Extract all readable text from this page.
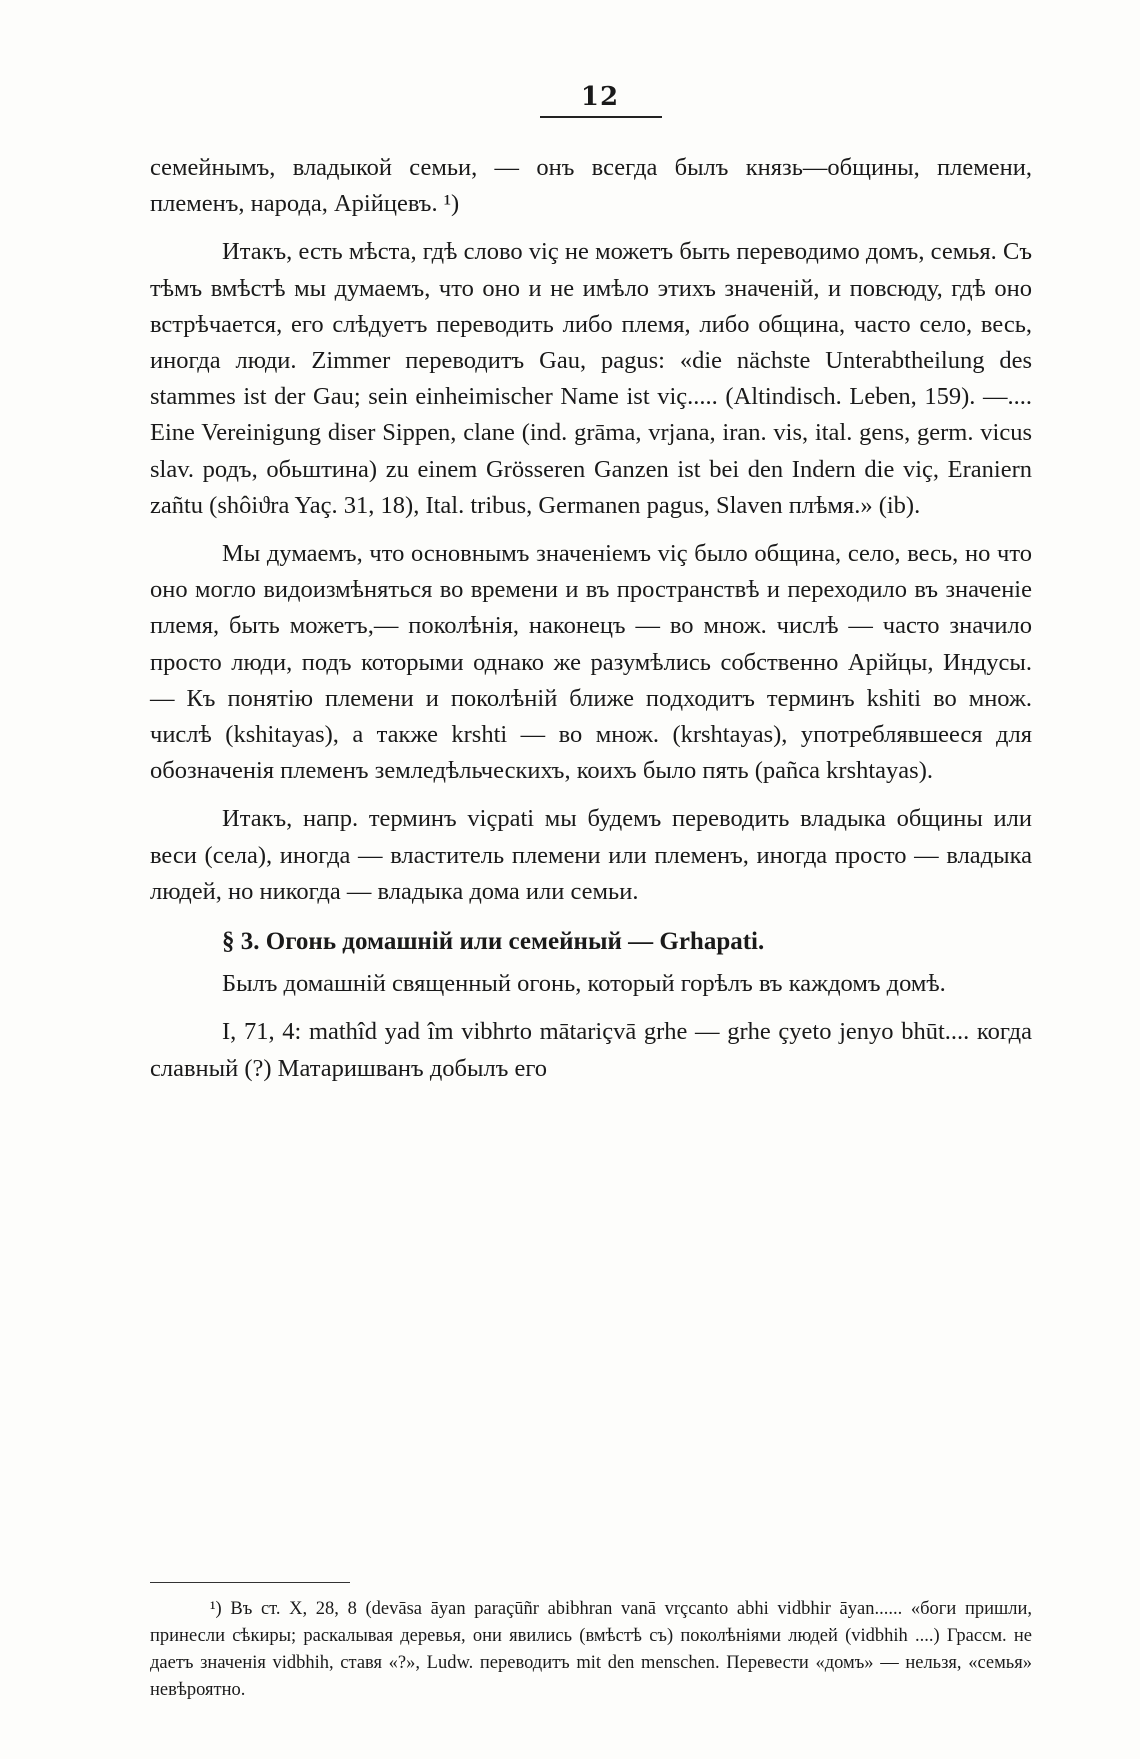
12

семейнымъ, владыкой семьи, — онъ всегда былъ князь—общины, племени, племенъ, народа, Арійцевъ. ¹)

Итакъ, есть мѣста, гдѣ слово viç не можетъ быть переводимо домъ, семья. Съ тѣмъ вмѣстѣ мы думаемъ, что оно и не имѣло этихъ значеній, и повсюду, гдѣ оно встрѣчается, его слѣдуетъ переводить либо племя, либо община, часто село, весь, иногда люди. Zimmer переводитъ Gau, pagus: «die nächste Unterabtheilung des stammes ist der Gau; sein einheimischer Name ist viç..... (Altindisch. Leben, 159). —.... Eine Vereinigung diser Sippen, clane (ind. grāma, vrjana, iran. vis, ital. gens, germ. vicus slav. родъ, обьштина) zu einem Grösseren Ganzen ist bei den Indern die viç, Eraniern zañtu (shôiϑra Yaç. 31, 18), Ital. tribus, Germanen pagus, Slaven плѣмя.» (ib).

Мы думаемъ, что основнымъ значеніемъ viç было община, село, весь, но что оно могло видоизмѣняться во времени и въ пространствѣ и переходило въ значеніе племя, быть можетъ,— поколѣнія, наконецъ — во множ. числѣ — часто значило просто люди, подъ которыми однако же разумѣлись собственно Арійцы, Индусы. — Къ понятію племени и поколѣній ближе подходитъ терминъ kshiti во множ. числѣ (kshitayas), а также krshti — во множ. (krshtayas), употреблявшееся для обозначенія племенъ земледѣльческихъ, коихъ было пять (pañca krshtayas).

Итакъ, напр. терминъ viçpati мы будемъ переводить владыка общины или веси (села), иногда — властитель племени или племенъ, иногда просто — владыка людей, но никогда — владыка дома или семьи.

§ 3. Огонь домашній или семейный — Grhapati.

Былъ домашній священный огонь, который горѣлъ въ каждомъ домѣ.

I, 71, 4: mathîd yad îm vibhrto mātariçvā grhe — grhe çyeto jenyo bhūt.... когда славный (?) Матаришванъ добылъ его

¹) Въ ст. X, 28, 8 (devāsa āyan paraçūñr abibhran vanā vrçcanto abhi vidbhir āyan...... «боги пришли, принесли сѣкиры; раскалывая деревья, они явились (вмѣстѣ съ) поколѣніями людей (vidbhih ....) Грассм. не даетъ значенія vidbhih, ставя «?», Ludw. переводитъ mit den menschen. Перевести «домъ» — нельзя, «семья» невѣроятно.
